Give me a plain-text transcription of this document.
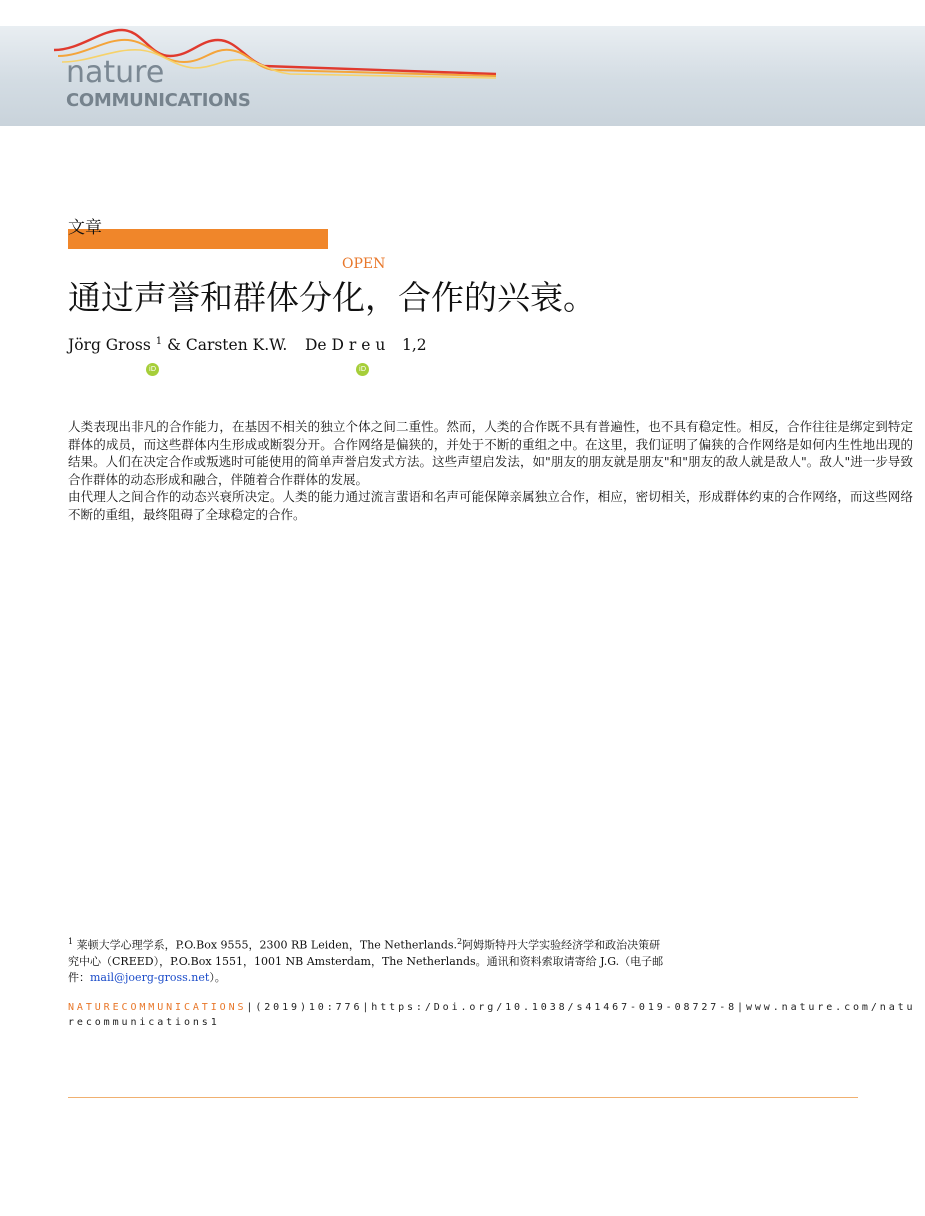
nature
COMMUNICATIONS
文章
OPEN
通过声誉和群体分化，合作的兴衰。
Jörg Gross $^1$ & Carsten K.W. De D r e u 1,2
iD	iD

人类表现出非凡的合作能力，在基因不相关的独立个体之间二重性。然而，人类的合作既不具有普遍性，也不具有稳定性。相反，合作往往是绑定到特定群体的成员，而这些群体内生形成或断裂分开。合作网络是偏狭的，并处于不断的重组之中。在这里，我们证明了偏狭的合作网络是如何内生性地出现的结果。人们在决定合作或叛逃时可能使用的简单声誉启发式方法。这些声望启发法，如"朋友的朋友就是朋友"和"朋友的敌人就是敌人"。敌人"进一步导致合作群体的动态形成和融合，伴随着合作群体的发展。

由代理人之间合作的动态兴衰所决定。人类的能力通过流言蜚语和名声可能保障亲属独立合作，相应，密切相关，形成群体约束的合作网络，而这些网络不断的重组，最终阻碍了全球稳定的合作。

$^1$ 莱顿大学心理学系，P.O.Box 9555，2300 RB Leiden，The Netherlands.$^2$阿姆斯特丹大学实验经济学和政治决策研究中心（CREED），P.O.Box 1551，1001 NB Amsterdam，The Netherlands。通讯和资料索取请寄给 J.G.（电子邮件：mail@joerg-gross.net）。

NATURECOMMUNICATIONS|(2019)10:776|https:/Doi.org/10.1038/s41467-019-08727-8|www.nature.com/naturecommunications1
